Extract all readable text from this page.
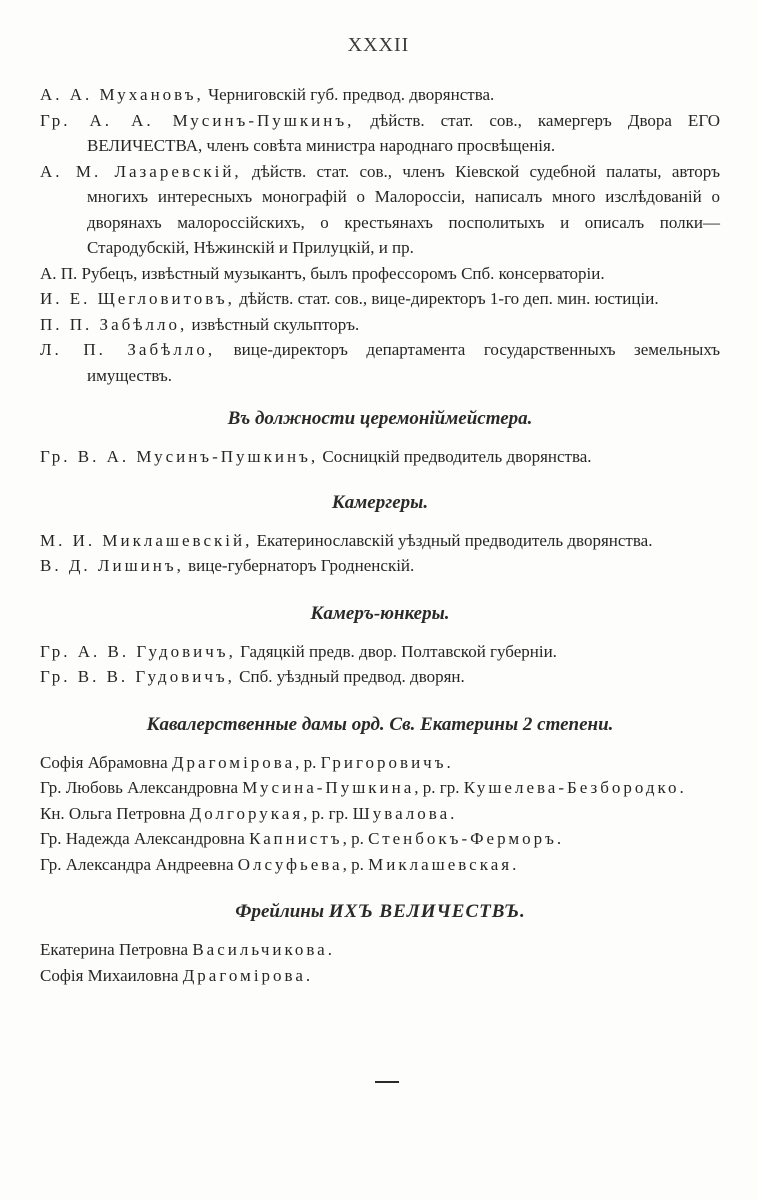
XXXII

А. А. Мухановъ, Черниговскій губ. предвод. дворянства.

Гр. А. А. Мусинъ-Пушкинъ, дѣйств. стат. сов., камергеръ Двора ЕГО ВЕЛИЧЕСТВА, членъ совѣта министра народнаго просвѣщенія.

А. М. Лазаревскій, дѣйств. стат. сов., членъ Кіевской судебной палаты, авторъ многихъ интересныхъ монографій о Малороссіи, написалъ много изслѣдованій о дворянахъ малороссійскихъ, о крестьянахъ посполитыхъ и описалъ полки—Стародубскій, Нѣжинскій и Прилуцкій, и пр.

А. П. Рубецъ, извѣстный музыкантъ, былъ профессоромъ Спб. консерваторіи.

И. Е. Щегловитовъ, дѣйств. стат. сов., вице-директоръ 1-го деп. мин. юстиціи.

П. П. Забѣлло, извѣстный скульпторъ.

Л. П. Забѣлло, вице-директоръ департамента государственныхъ земельныхъ имуществъ.

Въ должности церемоніймейстера.

Гр. В. А. Мусинъ-Пушкинъ, Сосницкій предводитель дворянства.

Камергеры.

М. И. Миклашевскій, Екатеринославскій уѣздный предводитель дворянства.

В. Д. Лишинъ, вице-губернаторъ Гродненскій.

Камеръ-юнкеры.

Гр. А. В. Гудовичъ, Гадяцкій предв. двор. Полтавской губерніи.

Гр. В. В. Гудовичъ, Спб. уѣздный предвод. дворян.

Кавалерственные дамы орд. Св. Екатерины 2 степени.

Софія Абрамовна Драгомірова, р. Григоровичъ.

Гр. Любовь Александровна Мусина-Пушкина, р. гр. Кушелева-Безбородко.

Кн. Ольга Петровна Долгорукая, р. гр. Шувалова.

Гр. Надежда Александровна Капнистъ, р. Стенбокъ-Ферморъ.

Гр. Александра Андреевна Олсуфьева, р. Миклашевская.

Фрейлины ИХЪ ВЕЛИЧЕСТВЪ.

Екатерина Петровна Васильчикова.

Софія Михаиловна Драгомірова.
